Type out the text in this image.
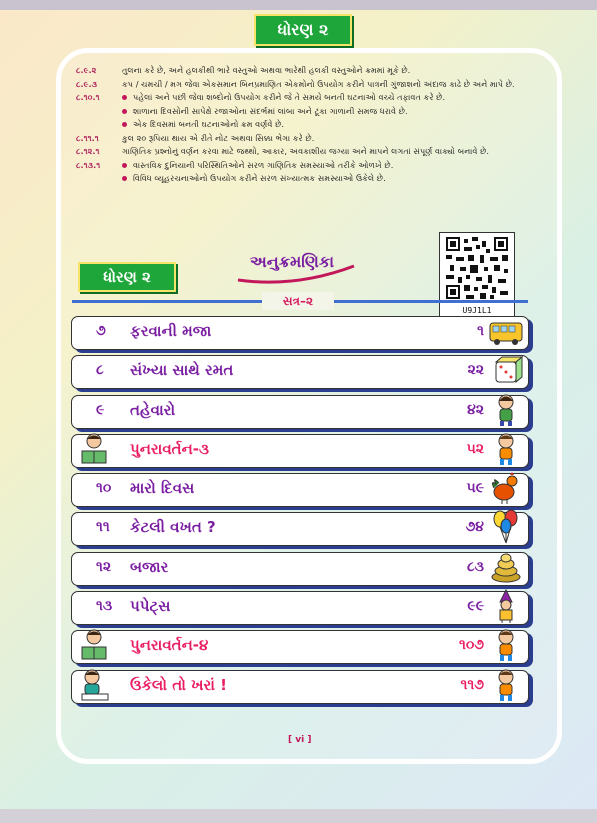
ધોરણ ૨
૮.૯.૨	તુલના કરે છે, અને હલકીથી ભારે વસ્તુઓ અથવા ભારેથી હલકી વસ્તુઓને ક્રમમાં મૂકે છે.
૮.૯.૩	કપ / ચમચી / મગ જેવા એકસમાન બિનપ્રમાણિત એકમોનો ઉપયોગ કરીને પાત્રની ગુંજાશનો અંદાજ કાઢે છે અને માપે છે.
૮.૧૦.૧	પહેલાં અને પછી જેવા શબ્દોનો ઉપયોગ કરીને જે તે સમયે બનતી ઘટનાઓ વચ્ચે તફાવત કરે છે.
શાળાના દિવસોની સાપેક્ષે રજાઓના સંદર્ભમાં લાંબા અને ટૂંકા ગાળાની સમજ ધરાવે છે.
એક દિવસમાં બનતી ઘટનાઓનો ક્રમ વર્ણવે છે.
૮.૧૧.૧	કુલ ૨૦ રૂપિયા થાય એ રીતે નોટ અથવા સિક્કા ભેગા કરે છે.
૮.૧૨.૧	ગાણિતિક પ્રશ્નોનું વર્ણન કરવા માટે જથ્થો, આકાર, અવકાશીય જગ્યા અને માપને લગતાં સંપૂર્ણ વાક્યો બનાવે છે.
૮.૧૩.૧	વાસ્તવિક દુનિયાની પરિસ્થિતિઓને સરળ ગાણિતિક સમસ્યાઓ તરીકે ઓળખે છે.
વિવિધ વ્યૂહરચનાઓનો ઉપયોગ કરીને સરળ સંખ્યાત્મક સમસ્યાઓ ઉકેલે છે.
U9J1L1
ધોરણ ૨
અનુક્રમણિકા
સત્ર–૨
૭ ફરવાની મજા	૧
૮ સંખ્યા સાથે રમત	૨૨
૯ તહેવારો	૪૨
પુનરાવર્તન-૩	૫૨
૧૦ મારો દિવસ	૫૯
૧૧ કેટલી વખત ?	૭૪
૧૨ બજાર	૮૩
૧૩ પપેટ્સ	૯૯
પુનરાવર્તન-૪	૧૦૭
ઉકેલો તો ખરાં !	૧૧૭
[ vi ]
